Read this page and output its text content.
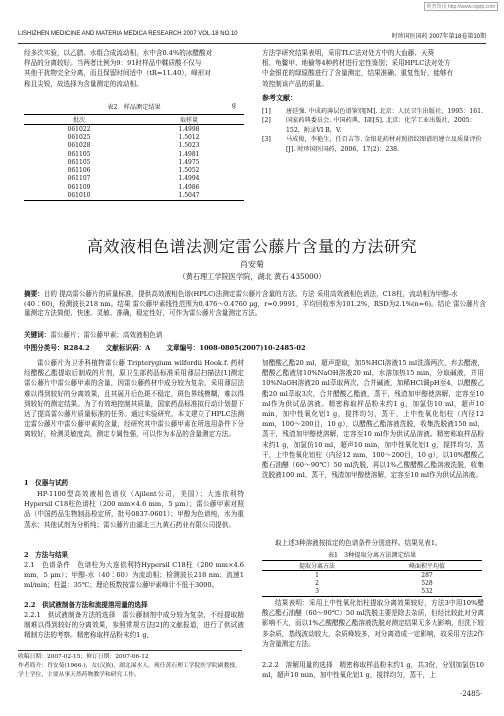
维普资讯 http://www.cqvip.com
LISHIZHEN MEDICINE AND MATERIA MEDICA RESEARCH 2007 VOL.18 NO.10	时珍国医国药 2007年第18卷第10期
经多次实验，以乙腈、水组合成流动相，水中含0.4%的冰醋酸对
样品的分离较好。当两者比例为9：91时样品中鞣质酸不仅与
其他干扰物完全分离，而且保留时间适中（tR=11.40），峰形对
称且尖锐，故选择为含量测定的流动相。
表2　样品测定结果	g
批次	取样量
061022	1.4998
061025	1.5012
061028	1.5023
061105	1.4981
061105	1.4975
061106	1.5052
061107	1.4994
061109	1.4986
061010	1.5047
方法学研究结果表明，采用TLC法对处方中的大血藤、天葵
根、龟鳖甲、地榆等4种药材进行定性鉴别；采用HPLC法对处方
中金银花的绿原酸进行了含量测定，结果准确、重复性好，能够有
效控制该产品的质量。
参考文献：
[1]	唐廷强. 中成药薄层色谱鉴别[M]. 北京：人民卫生出版社，1995：161.
[2]	国家药典委员会. 中国药典，I部[S]. 北京：化学工业出版社，2005：152，附录VI B，V.
[3]	马成俊，李艳生，任百吉等. 金银花药材对照指纹图谱的建立及质量评价[J]. 时珍国医国药，2006，17(2)：238.
高效液相色谱法测定雷公藤片含量的方法研究
肖安菊
（黄石理工学院医学院，湖北 黄石 435000）
摘要：目的 提高雷公藤片的质量标准，提供高效液相色谱(HPLC)法测定雷公藤片含量的方法。方法 采用高效液相色谱法，C18柱，流动相为甲醇-水(40∶60)，检测波长218 nm。结果 雷公藤甲素线性范围为0.476～0.4760 μg，r=0.9991，平均回收率为101.2%，RSD为2.1%(n=6)。结论 雷公藤片含量测定方法简便、快速、灵敏、准确，稳定性好，可作为雷公藤片含量测定方法。
关键词：雷公藤片；雷公藤甲素；高效液相色谱
中图分类号：R284.2 文献标识码：A 文章编号：1008-0805(2007)10-2485-02
雷公藤片为卫矛科植物雷公藤 Tripterygium wilfordii Hook.f. 药材经醋酸乙酯提取后制成的片剂，原卫生部药品标准采用薄层扫描法[1]测定雷公藤片中雷公藤甲素的含量，因雷公藤药材中成分较为复杂，采用薄层法难以得到较好的分离效果，且其展开后色斑不稳定，斑色界线模糊，难以得到较好的测定结果。为了有效地控制其质量，国家药品标准拟行动计划提下达了提高雷公藤片质量标准的任务。通过实验研究，本文建立了HPLC法测定雷公藤片中雷公藤甲素的含量，经研究其中雷公藤甲素在所选用条件下分离较好，检测灵敏度高，测定专属性强，可以作为本品的含量测定方法。
1　仪器与试药
HP-1100型高效液相色谱仪（Ajilent公司，美国）；大连依利特Hypersil C18柱色谱柱（200 mm×4.6 mm，5 μm）；雷公藤甲素对照品（中国药品生物制品检定所，批号0837-9601）；甲醇为色谱纯，水为重蒸水；其他试剂为分析纯；雷公藤片由湖北三九黄石药业有限公司提供。
2　方法与结果
2.1　色谱条件　色谱柱为大连依利特Hypersil C18柱（200 mm×4.6 mm，5 μm）；甲醇-水（40∶60）为流动相；检测波长218 nm；流速1 ml/min；柱温：35℃；理论板数按雷公藤甲素峰计不低于3000。
2.2　供试液制备方法和流提溶用量的选择
2.2.1　供试液制备方法的选择　雷公藤制剂中成分较为复杂，不经提取精制难以得到较好的分离效果，参照常规方法[2]的文献报道，进行了供试液精制方法的考察。精密称取样品粉末约1 g，
收稿日期：2007-02-15；修订日期：2007-06-12
作者简介：肖安菊(1966-)，女(汉族)，湖北浠水人，现任黄石理工学院医学院副教授，学士学位，主要从事天然药物教学和研究工作。
加醋酸乙酯20 ml，超声提取，加5%HCl溶液15 ml洗涤两次，弃去醋液，醋酸乙酯液加10%NaOH溶液20 ml，水溶加热15 min，分取碱液，并用10%NaOH溶液20 ml萃取两次，合并碱液，加稀HCl调pH至4，以醋酸乙酯20 ml萃取3次，合并醋酸乙酯液，蒸干，残渣加甲醇使溶解，定容至10 ml作为供试品溶液。精密称取样品粉末约1 g，加氯仿10 ml，超声10 min，加中性氧化铝1 g，搅拌均匀，蒸干，上中性氧化铝柱（内径12 mm，100～200目，10 g），以醋酸乙酯溶液洗脱，收集洗脱液150 ml，蒸干，残渣加甲醇使溶解，定容至10 ml作为供试品溶液。精密称取样品粉末约1 g，加氯仿10 ml，超声10 min，加中性氧化铝1 g，搅拌均匀，蒸干，上中性氧化铝柱（内径12 mm，100～200目，10 g），以10%醋酸乙酯石油醚（60～90℃）50 ml洗脱，再以1%乙酸醋酸乙酯溶液洗脱，收集洗脱液100 ml，蒸干，残渣加甲醇使溶解，定容至10 ml作为供试品溶液。
取上述3种溶液按拟定的色谱条件分别进样。结果见表1。
表1　3种提取分离方法测定结果
提取分离方法	峰面积平均值
1	287
2	528
3	532
结果表明：采用上中性氧化铝柱提取分离效果较好，方法3中用10%醋酸乙酯石油醚（60～90℃）50 ml洗脱主要是除去杂质，但经比较此对分离影响不大，而以1%乙酸醋酸乙酯溶液洗脱对测定结果无多大影响，但洗下较多杂质，基线波动较大，杂质峰较多，对分离造成一定影响，故采用方法2作为含量测定方法。
2.2.2　溶解用量的选择　精密称取样品粉末约1 g，共3份，分别加氯仿10 ml，超声10 min，加中性氧化铝1 g，搅拌均匀，蒸干，上
·2485·
